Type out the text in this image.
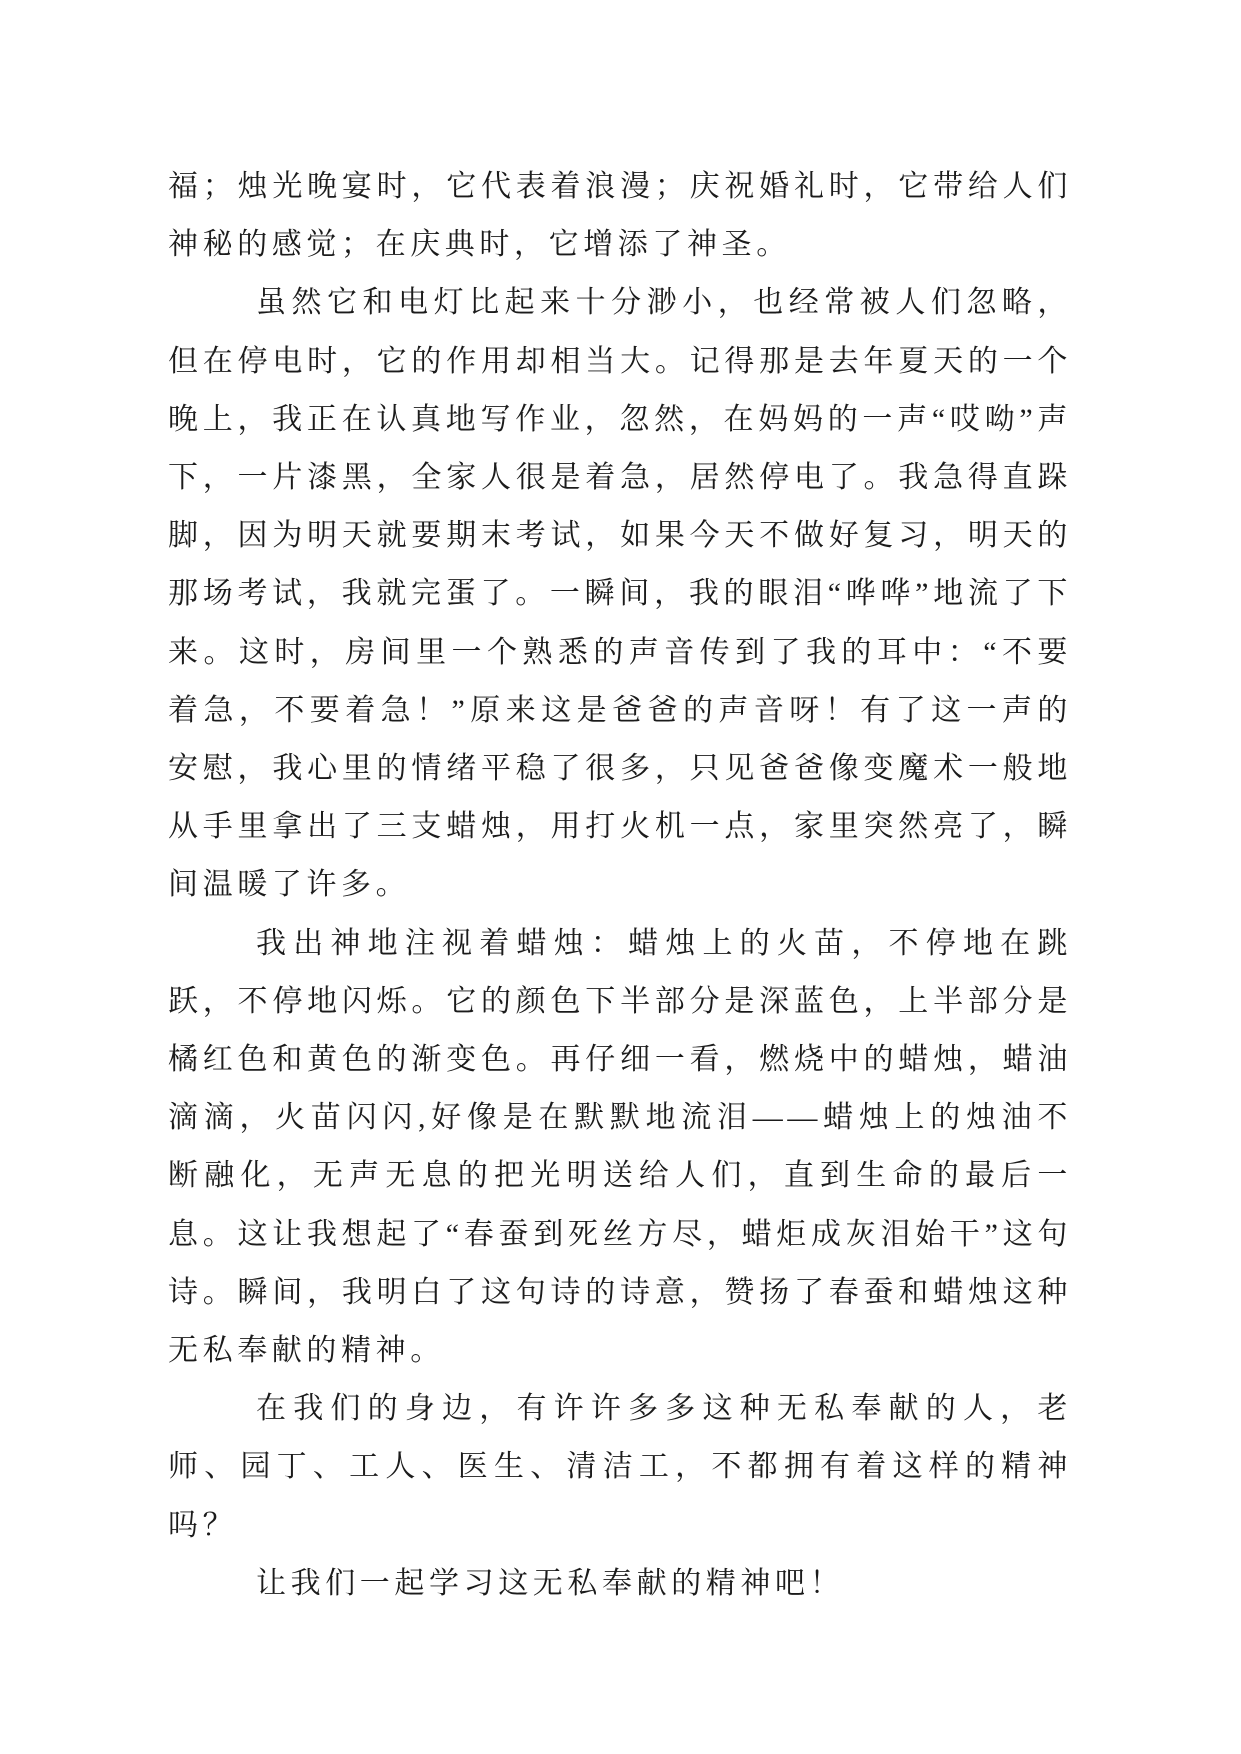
福；烛光晚宴时，它代表着浪漫；庆祝婚礼时，它带给人们神秘的感觉；在庆典时，它增添了神圣。

虽然它和电灯比起来十分渺小，也经常被人们忽略，但在停电时，它的作用却相当大。记得那是去年夏天的一个晚上，我正在认真地写作业，忽然，在妈妈的一声“哎呦”声下，一片漆黑，全家人很是着急，居然停电了。我急得直跺脚，因为明天就要期末考试，如果今天不做好复习，明天的那场考试，我就完蛋了。一瞬间，我的眼泪“哗哗”地流了下来。这时，房间里一个熟悉的声音传到了我的耳中：“不要着急，不要着急！”原来这是爸爸的声音呀！有了这一声的安慰，我心里的情绪平稳了很多，只见爸爸像变魔术一般地从手里拿出了三支蜡烛，用打火机一点，家里突然亮了，瞬间温暖了许多。

我出神地注视着蜡烛：蜡烛上的火苗，不停地在跳跃，不停地闪烁。它的颜色下半部分是深蓝色，上半部分是橘红色和黄色的渐变色。再仔细一看，燃烧中的蜡烛，蜡油滴滴，火苗闪闪,好像是在默默地流泪——蜡烛上的烛油不断融化，无声无息的把光明送给人们，直到生命的最后一息。这让我想起了“春蚕到死丝方尽，蜡炬成灰泪始干”这句诗。瞬间，我明白了这句诗的诗意，赞扬了春蚕和蜡烛这种无私奉献的精神。

在我们的身边，有许许多多这种无私奉献的人，老师、园丁、工人、医生、清洁工，不都拥有着这样的精神吗？

让我们一起学习这无私奉献的精神吧！
